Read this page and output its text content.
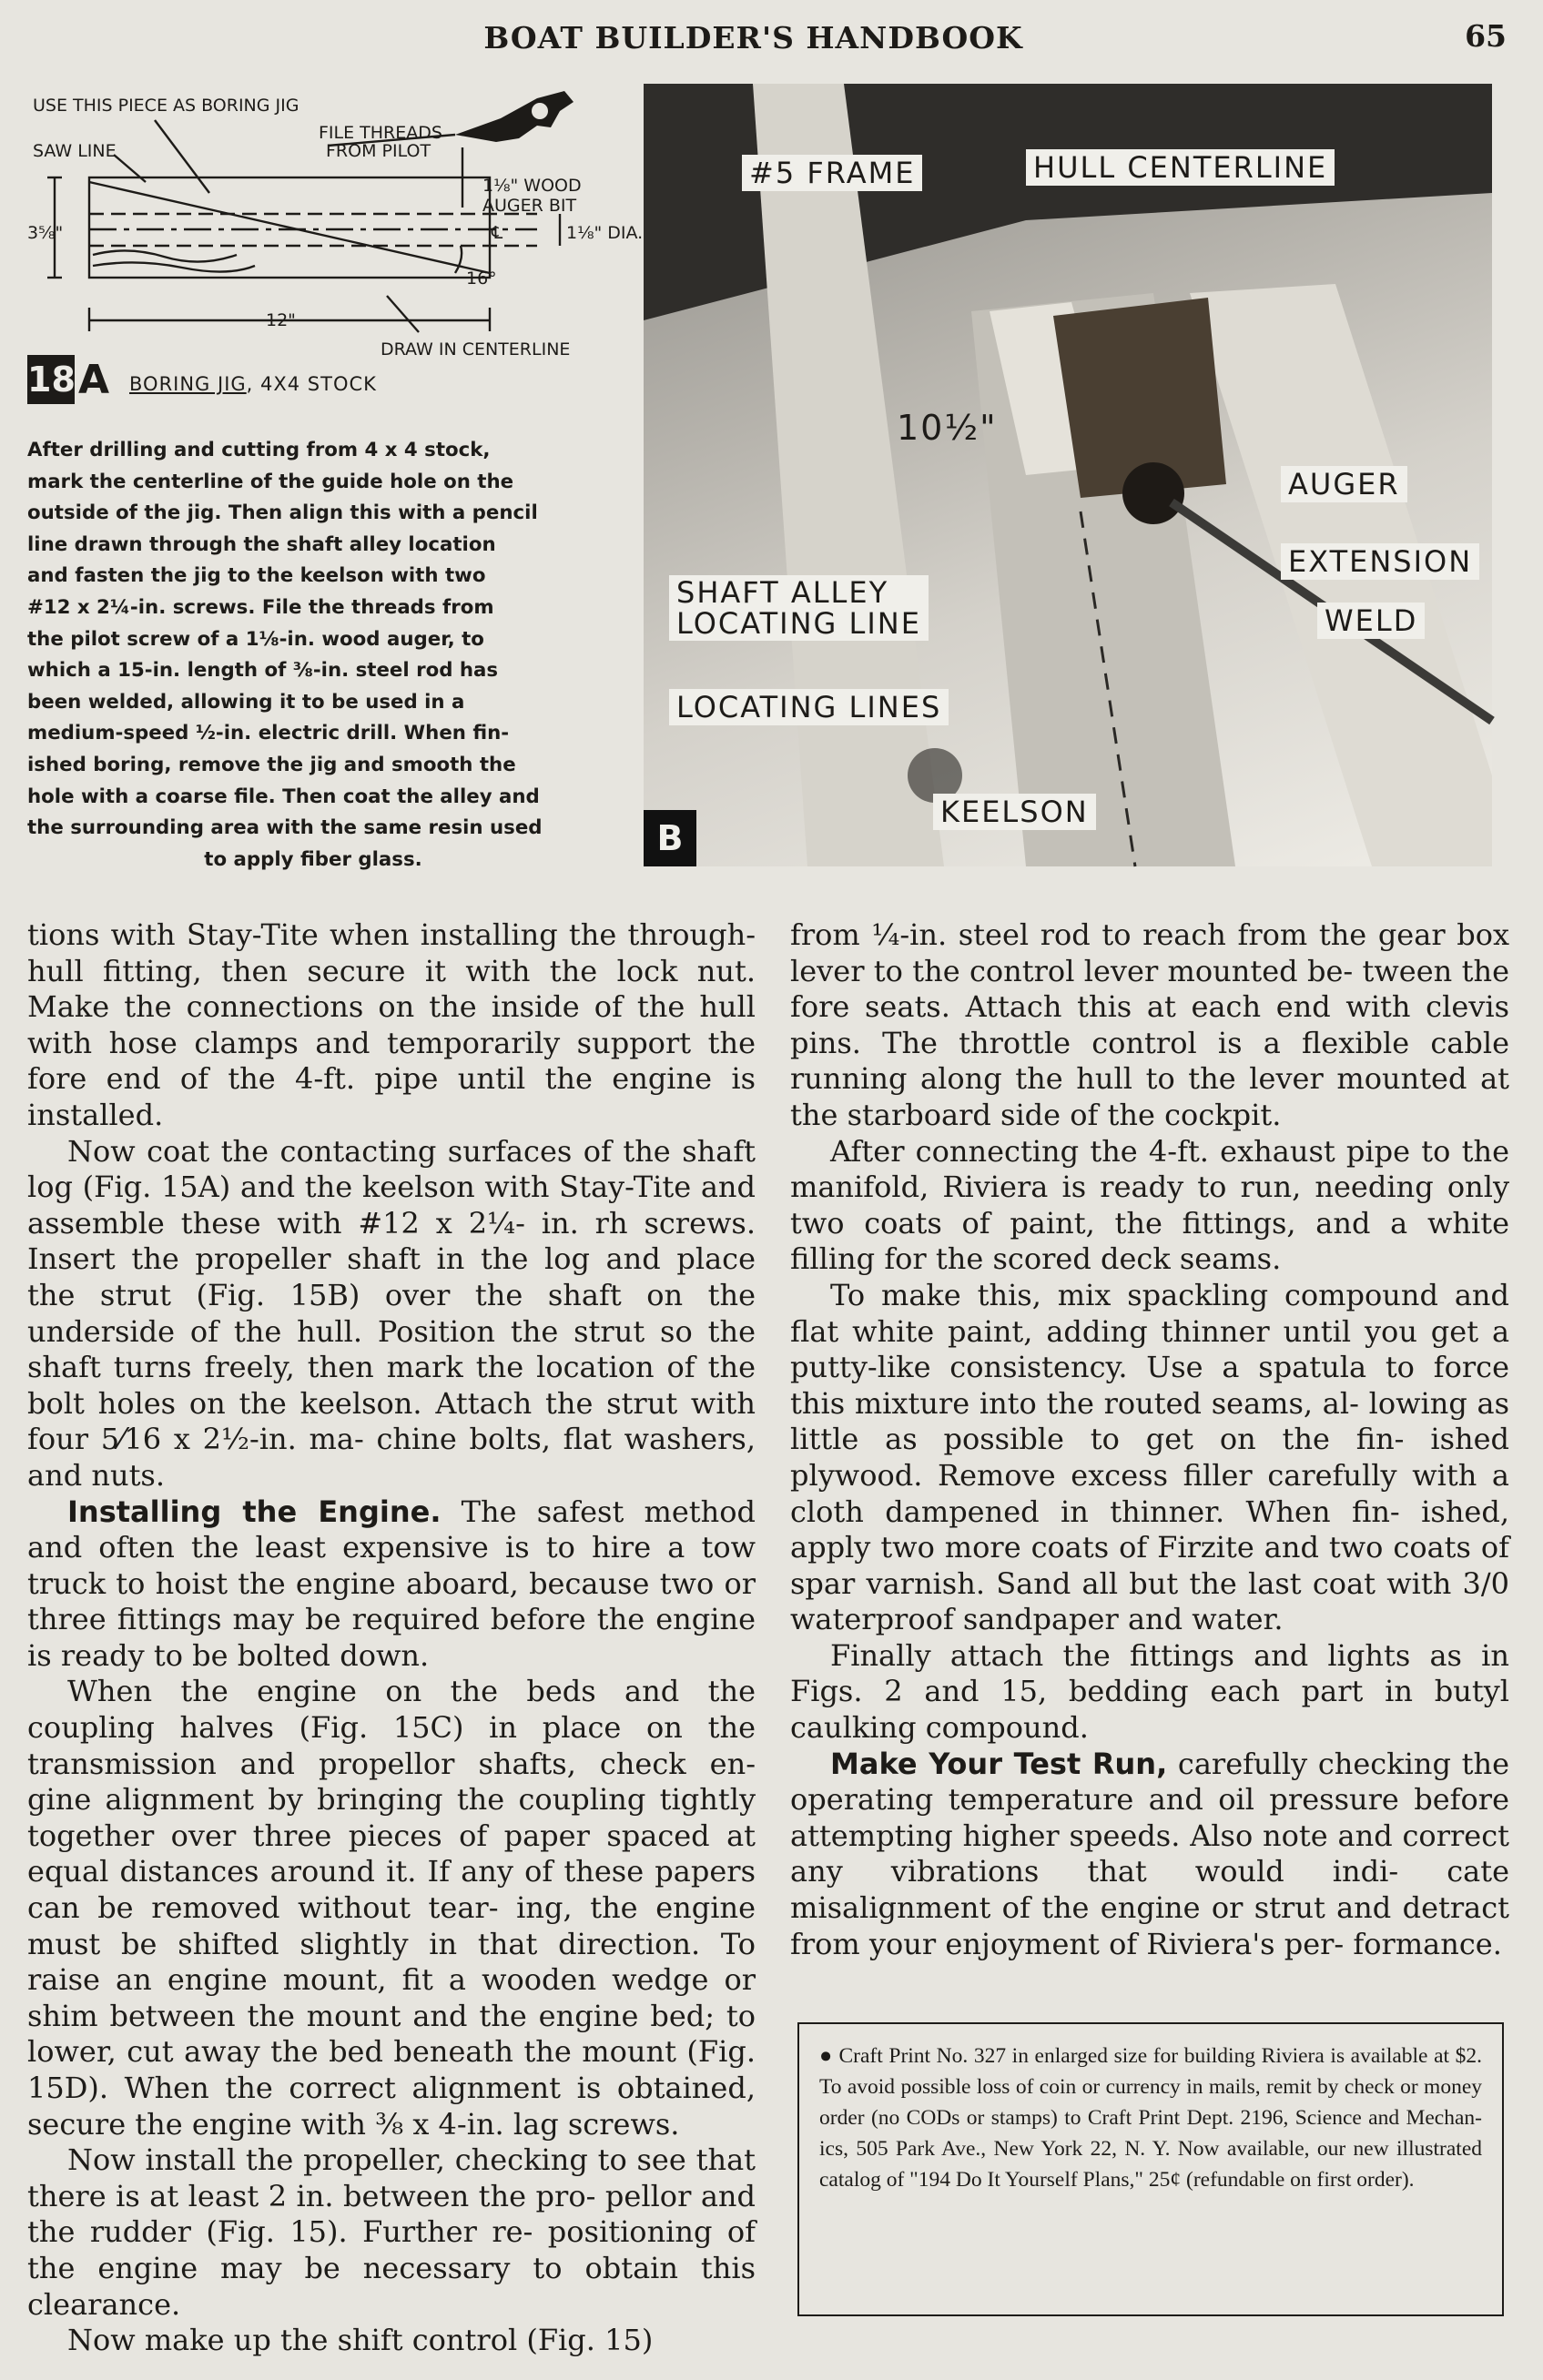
BOAT BUILDER'S HANDBOOK	65
USE THIS PIECE AS BORING JIG
SAW LINE
FILE THREADS
FROM PILOT
1⅛" WOOD
AUGER BIT
℄	1⅛" DIA.
3⅝"
16°
12"
DRAW IN CENTERLINE
18 A BORING JIG, 4X4 STOCK
After drilling and cutting from 4 x 4 stock,
mark the centerline of the guide hole on the
outside of the jig. Then align this with a pencil
line drawn through the shaft alley location
and fasten the jig to the keelson with two
#12 x 2¼-in. screws. File the threads from
the pilot screw of a 1⅛-in. wood auger, to
which a 15-in. length of ⅜-in. steel rod has
been welded, allowing it to be used in a
medium-speed ½-in. electric drill. When fin-
ished boring, remove the jig and smooth the
hole with a coarse file. Then coat the alley and
the surrounding area with the same resin used
to apply fiber glass.
#5 FRAME	HULL CENTERLINE
10½"
AUGER
EXTENSION
WELD
SHAFT ALLEY
LOCATING LINE
LOCATING LINES
KEELSON
B

tions with Stay-Tite when installing the through-hull fitting, then secure it with the lock nut. Make the connections on the inside of the hull with hose clamps and temporarily support the fore end of the 4-ft. pipe until the engine is installed.

Now coat the contacting surfaces of the shaft log (Fig. 15A) and the keelson with Stay-Tite and assemble these with #12 x 2¼- in. rh screws. Insert the propeller shaft in the log and place the strut (Fig. 15B) over the shaft on the underside of the hull. Position the strut so the shaft turns freely, then mark the location of the bolt holes on the keelson. Attach the strut with four 5⁄16 x 2½-in. ma- chine bolts, flat washers, and nuts.

Installing the Engine. The safest method and often the least expensive is to hire a tow truck to hoist the engine aboard, because two or three fittings may be required before the engine is ready to be bolted down.

When the engine on the beds and the coupling halves (Fig. 15C) in place on the transmission and propellor shafts, check en- gine alignment by bringing the coupling tightly together over three pieces of paper spaced at equal distances around it. If any of these papers can be removed without tear- ing, the engine must be shifted slightly in that direction. To raise an engine mount, fit a wooden wedge or shim between the mount and the engine bed; to lower, cut away the bed beneath the mount (Fig. 15D). When the correct alignment is obtained, secure the engine with ⅜ x 4-in. lag screws.

Now install the propeller, checking to see that there is at least 2 in. between the pro- pellor and the rudder (Fig. 15). Further re- positioning of the engine may be necessary to obtain this clearance.

Now make up the shift control (Fig. 15)

from ¼-in. steel rod to reach from the gear box lever to the control lever mounted be- tween the fore seats. Attach this at each end with clevis pins. The throttle control is a flexible cable running along the hull to the lever mounted at the starboard side of the cockpit.

After connecting the 4-ft. exhaust pipe to the manifold, Riviera is ready to run, needing only two coats of paint, the fittings, and a white filling for the scored deck seams.

To make this, mix spackling compound and flat white paint, adding thinner until you get a putty-like consistency. Use a spatula to force this mixture into the routed seams, al- lowing as little as possible to get on the fin- ished plywood. Remove excess filler carefully with a cloth dampened in thinner. When fin- ished, apply two more coats of Firzite and two coats of spar varnish. Sand all but the last coat with 3/0 waterproof sandpaper and water.

Finally attach the fittings and lights as in Figs. 2 and 15, bedding each part in butyl caulking compound.

Make Your Test Run, carefully checking the operating temperature and oil pressure before attempting higher speeds. Also note and correct any vibrations that would indi- cate misalignment of the engine or strut and detract from your enjoyment of Riviera's per- formance.

● Craft Print No. 327 in enlarged size for building Riviera is available at $2. To avoid possible loss of coin or currency in mails, remit by check or money order (no CODs or stamps) to Craft Print Dept. 2196, Science and Mechan- ics, 505 Park Ave., New York 22, N. Y. Now available, our new illustrated catalog of "194 Do It Yourself Plans," 25¢ (refundable on first order).
